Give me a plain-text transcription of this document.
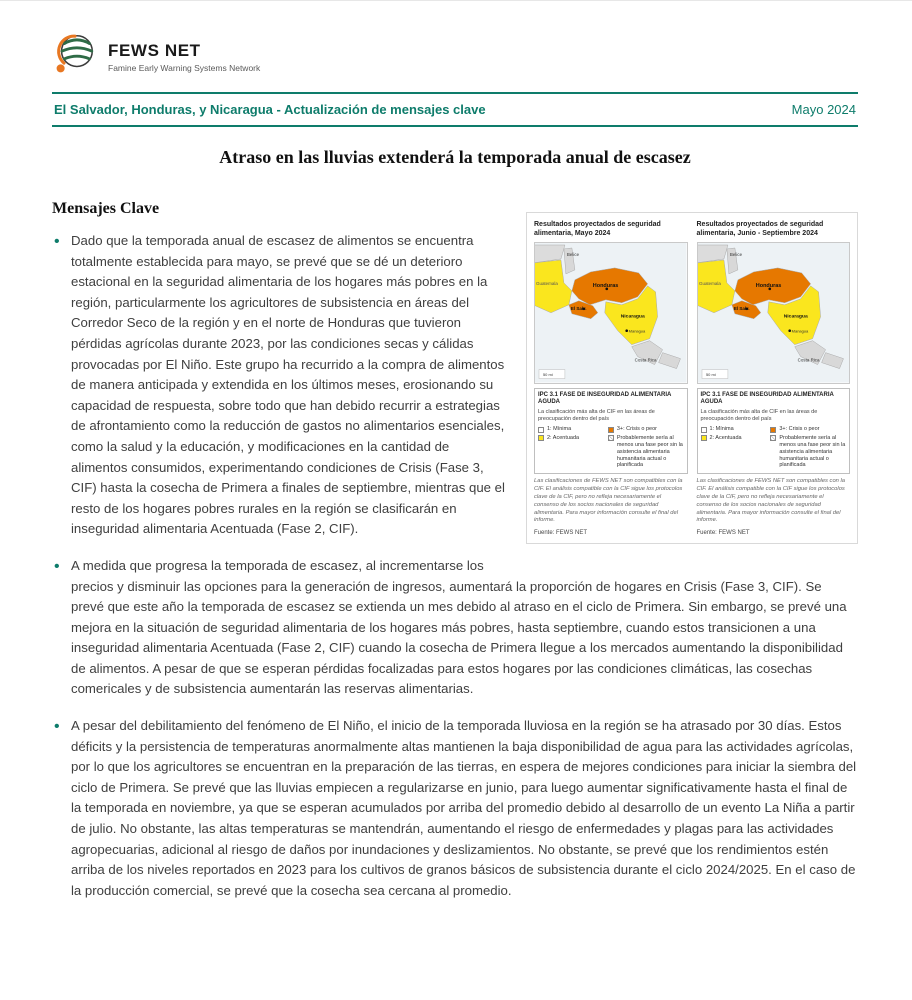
FEWS NET
Famine Early Warning Systems Network
El Salvador, Honduras, y Nicaragua - Actualización de mensajes clave	Mayo 2024
Atraso en las lluvias extenderá la temporada anual de escasez
Resultados proyectados de seguridad alimentaria, Mayo 2024
Belice
Guatemala	Honduras
El Salv.
Nicaragua
Managua
Costa Rica
50 mi
IPC 3.1 FASE DE INSEGURIDAD ALIMENTARIA AGUDA
La clasificación más alta de CIF en las áreas de preocupación dentro del país
1: Mínima	3+: Crisis o peor
2: Acentuada	Probablemente sería al menos una fase peor sin la asistencia alimentaria humanitaria actual o planificada
Las clasificaciones de FEWS NET son compatibles con la CIF. El análisis compatible con la CIF sigue los protocolos clave de la CIF, pero no refleja necesariamente el consenso de los socios nacionales de seguridad alimentaria. Para mayor información consulte el final del informe.
Fuente: FEWS NET
Resultados proyectados de seguridad alimentaria, Junio - Septiembre 2024
Belice
Guatemala	Honduras
El Salv.
Nicaragua
Managua
Costa Rica
50 mi
IPC 3.1 FASE DE INSEGURIDAD ALIMENTARIA AGUDA
La clasificación más alta de CIF en las áreas de preocupación dentro del país
1: Mínima	3+: Crisis o peor
2: Acentuada	Probablemente sería al menos una fase peor sin la asistencia alimentaria humanitaria actual o planificada
Las clasificaciones de FEWS NET son compatibles con la CIF. El análisis compatible con la CIF sigue los protocolos clave de la CIF, pero no refleja necesariamente el consenso de los socios nacionales de seguridad alimentaria. Para mayor información consulte el final del informe.
Fuente: FEWS NET
Mensajes Clave
• Dado que la temporada anual de escasez de alimentos se encuentra totalmente establecida para mayo, se prevé que se dé un deterioro estacional en la seguridad alimentaria de los hogares más pobres en la región, particularmente los agricultores de subsistencia en áreas del Corredor Seco de la región y en el norte de Honduras que tuvieron pérdidas agrícolas durante 2023, por las condiciones secas y cálidas provocadas por El Niño. Este grupo ha recurrido a la compra de alimentos de manera anticipada y extendida en los últimos meses, erosionando su capacidad de respuesta, sobre todo que han debido recurrir a estrategias de afrontamiento como la reducción de gastos no alimentarios esenciales, como la salud y la educación, y modificaciones en la cantidad de alimentos consumidos, experimentando condiciones de Crisis (Fase 3, CIF) hasta la cosecha de Primera a finales de septiembre, mientras que el resto de los hogares pobres rurales en la región se clasificarán en inseguridad alimentaria Acentuada (Fase 2, CIF).
• A medida que progresa la temporada de escasez, al incrementarse los precios y disminuir las opciones para la generación de ingresos, aumentará la proporción de hogares en Crisis (Fase 3, CIF). Se prevé que este año la temporada de escasez se extienda un mes debido al atraso en el ciclo de Primera. Sin embargo, se prevé una mejora en la situación de seguridad alimentaria de los hogares más pobres, hasta septiembre, cuando estos transicionen a una inseguridad alimentaria Acentuada (Fase 2, CIF) cuando la cosecha de Primera llegue a los mercados aumentando la disponibilidad de alimentos. A pesar de que se esperan pérdidas focalizadas para estos hogares por las condiciones climáticas, las cosechas comericales y de subsistencia aumentarán las reservas alimentarias.
• A pesar del debilitamiento del fenómeno de El Niño, el inicio de la temporada lluviosa en la región se ha atrasado por 30 días. Estos déficits y la persistencia de temperaturas anormalmente altas mantienen la baja disponibilidad de agua para las actividades agrícolas, por lo que los agricultores se encuentran en la preparación de las tierras, en espera de mejores condiciones para iniciar la siembra del ciclo de Primera. Se prevé que las lluvias empiecen a regularizarse en junio, para luego aumentar significativamente hasta el final de la temporada en noviembre, ya que se esperan acumulados por arriba del promedio debido al desarrollo de un evento La Niña a partir de julio. No obstante, las altas temperaturas se mantendrán, aumentando el riesgo de enfermedades y plagas para las actividades agropecuarias, adicional al riesgo de daños por inundaciones y deslizamientos. No obstante, se prevé que los rendimientos estén arriba de los niveles reportados en 2023 para los cultivos de granos básicos de subsistencia durante el ciclo 2024/2025. En el caso de la producción comercial, se prevé que la cosecha sea cercana al promedio.
